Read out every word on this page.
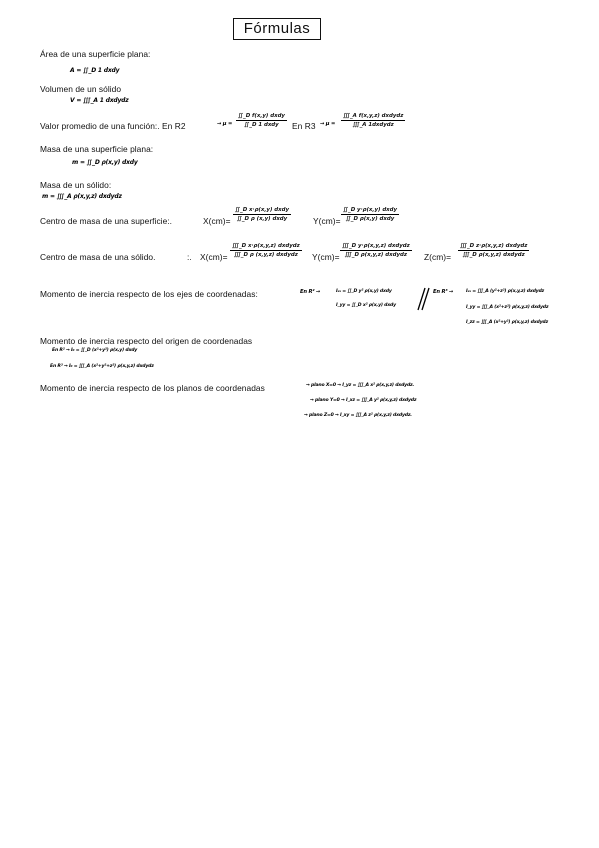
Fórmulas
Área de una superficie plana:
A = ∬_D 1 dxdy
Volumen de un sólido
V = ∭_A 1 dxdydz
Valor promedio de una función:. En R2	→ μ =
∬_D f(x,y) dxdy
∬_D 1 dxdy En R3 → μ =
∭_A f(x,y,z) dxdydz
∭_A 1dxdydz
Masa de una superficie plana:
m = ∬_D ρ(x,y) dxdy
Masa de un sólido:
m = ∭_A ρ(x,y,z) dxdydz
Centro de masa de una superficie:.	X(cm)=
∬_D x·ρ(x,y) dxdy
∬_D ρ (x,y) dxdy	Y(cm)=
∬_D y·ρ(x,y) dxdy
∬_D ρ(x,y) dxdy
Centro de masa de una sólido.	:. X(cm)=
∭_D x·ρ(x,y,z) dxdydz
∭_D ρ (x,y,z) dxdydz Y(cm)=
∭_D y·ρ(x,y,z) dxdydz
∭_D ρ(x,y,z) dxdydz Z(cm)=
∭_D z·ρ(x,y,z) dxdydz
∭_D ρ(x,y,z) dxdydz
Momento de inercia respecto de los ejes de coordenadas:	En R² →	Iₓₓ = ∬_D y² ρ(x,y) dxdy
I_yy = ∬_D x² ρ(x,y) dxdy
En R³ →	Iₓₓ = ∭_A (y²+z²) ρ(x,y,z) dxdydz
I_yy = ∭_A (x²+z²) ρ(x,y,z) dxdydz
I_zz = ∭_A (x²+y²) ρ(x,y,z) dxdydz
Momento de inercia respecto del origen de coordenadas
En R² → I₀ = ∬_D (x²+y²) ρ(x,y) dxdy
En R³ → I₀ = ∭_A (x²+y²+z²) ρ(x,y,z) dxdydz
Momento de inercia respecto de los planos de coordenadas	→ plano X=0 → I_yz = ∭_A x² ρ(x,y,z) dxdydz.
→ plano Y=0 → I_xz = ∭_A y² ρ(x,y,z) dxdydz
→ plano Z=0 → I_xy = ∭_A z² ρ(x,y,z) dxdydz.
